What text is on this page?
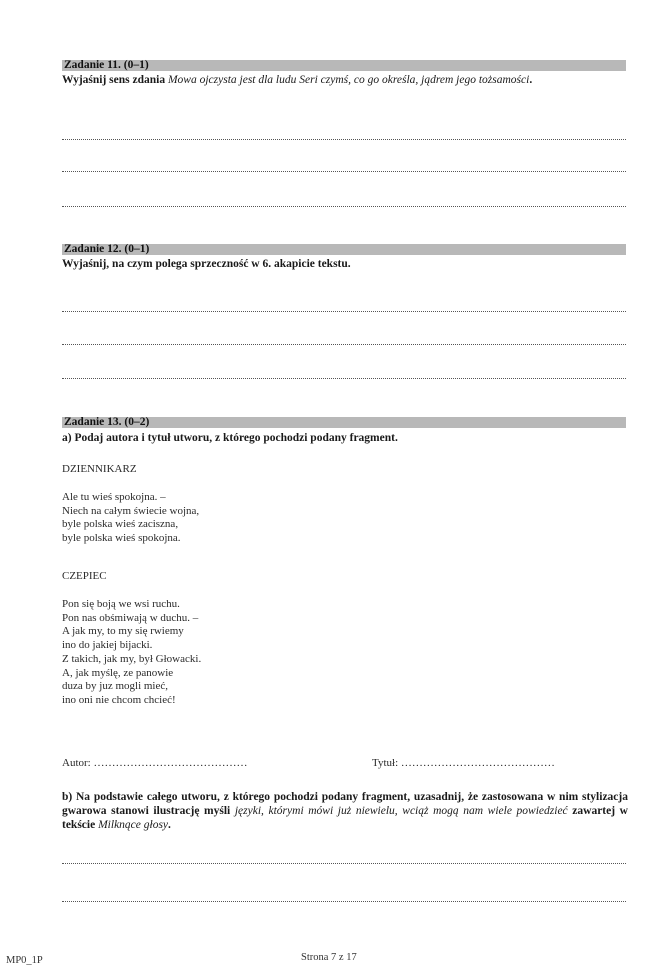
Zadanie 11. (0–1)
Wyjaśnij sens zdania Mowa ojczysta jest dla ludu Seri czymś, co go określa, jądrem jego tożsamości.
Zadanie 12. (0–1)
Wyjaśnij, na czym polega sprzeczność w 6. akapicie tekstu.
Zadanie 13. (0–2)
a) Podaj autora i tytuł utworu, z którego pochodzi podany fragment.
DZIENNIKARZ
Ale tu wieś spokojna. –
Niech na całym świecie wojna,
byle polska wieś zaciszna,
byle polska wieś spokojna.
CZEPIEC
Pon się boją we wsi ruchu.
Pon nas obśmiwają w duchu. –
A jak my, to my się rwiemy
ino do jakiej bijacki.
Z takich, jak my, był Głowacki.
A, jak myślę, ze panowie
duza by juz mogli mieć,
ino oni nie chcom chcieć!
Autor: ……………………………………	Tytuł: ……………………………………
b) Na podstawie całego utworu, z którego pochodzi podany fragment, uzasadnij, że zastosowana w nim stylizacja gwarowa stanowi ilustrację myśli języki, którymi mówi już niewielu, wciąż mogą nam wiele powiedzieć zawartej w tekście Milknące głosy.
MP0_1P	Strona 7 z 17
